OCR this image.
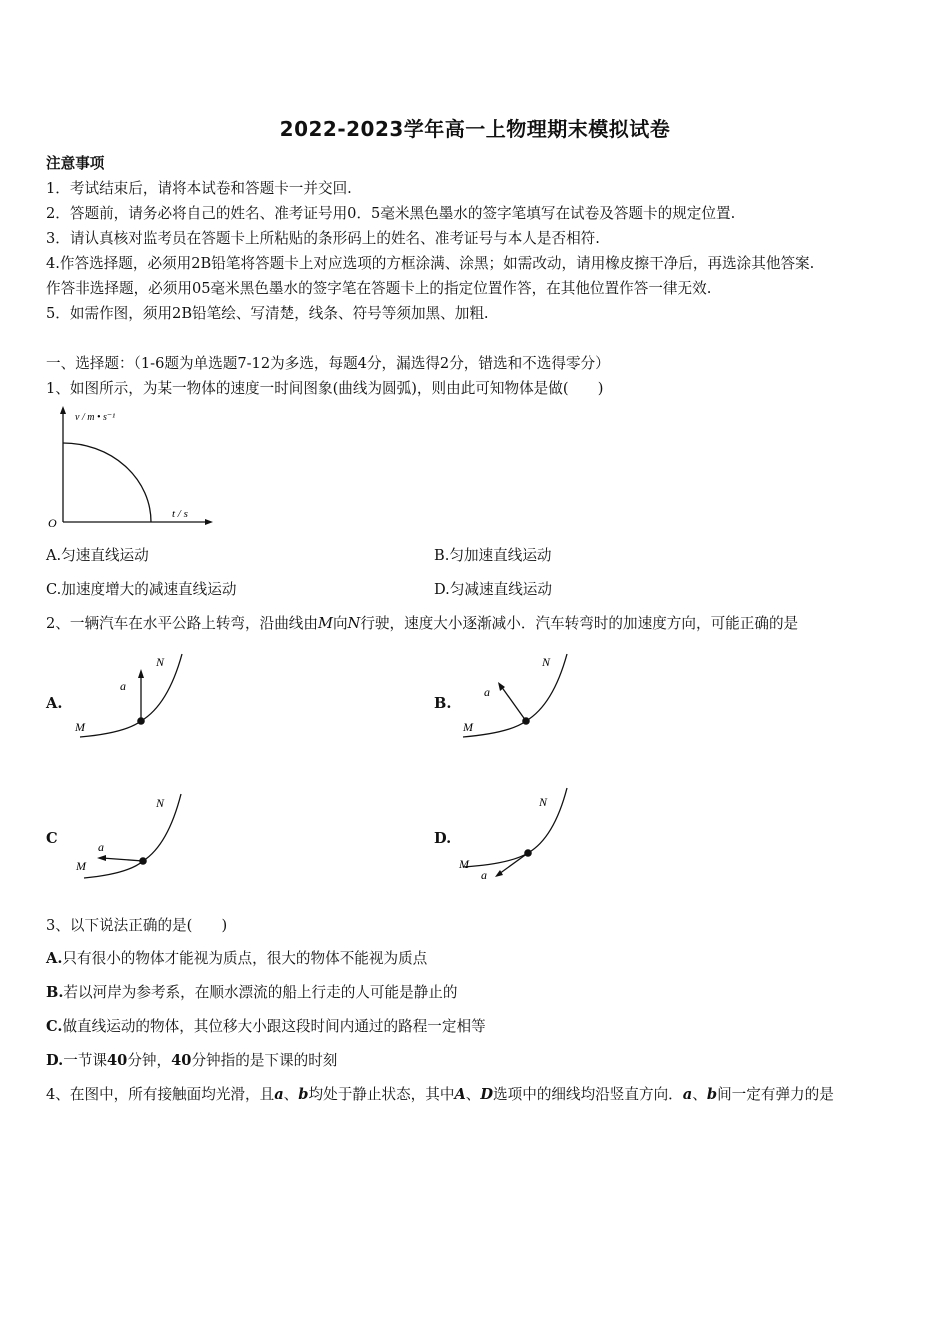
2022-2023学年高一上物理期末模拟试卷
注意事项
1．考试结束后，请将本试卷和答题卡一并交回.
2．答题前，请务必将自己的姓名、准考证号用0．5毫米黑色墨水的签字笔填写在试卷及答题卡的规定位置.
3．请认真核对监考员在答题卡上所粘贴的条形码上的姓名、准考证号与本人是否相符.
4.作答选择题，必须用2B铅笔将答题卡上对应选项的方框涂满、涂黑；如需改动，请用橡皮擦干净后，再选涂其他答案.
作答非选择题，必须用05毫米黑色墨水的签字笔在答题卡上的指定位置作答，在其他位置作答一律无效.
5．如需作图，须用2B铅笔绘、写清楚，线条、符号等须加黑、加粗.
一、选择题：（1-6题为单选题7-12为多选，每题4分，漏选得2分，错选和不选得零分）
1、如图所示，为某一物体的速度一时间图象(曲线为圆弧)，则由此可知物体是做(　　)
v / m • s⁻¹
t / s
O
A.匀速直线运动	B.匀加速直线运动
C.加速度增大的减速直线运动	D.匀减速直线运动
2、一辆汽车在水平公路上转弯，沿曲线由M向N行驶，速度大小逐渐减小．汽车转弯时的加速度方向，可能正确的是
A.
N
M
a
B.
N
M
a
C
N
M
a	D.
N
M
a
3、以下说法正确的是(　　)
A.只有很小的物体才能视为质点，很大的物体不能视为质点
B.若以河岸为参考系，在顺水漂流的船上行走的人可能是静止的
C.做直线运动的物体，其位移大小跟这段时间内通过的路程一定相等
D.一节课40分钟，40分钟指的是下课的时刻
4、在图中，所有接触面均光滑，且a、b均处于静止状态，其中A、D选项中的细线均沿竖直方向．a、b间一定有弹力的是
